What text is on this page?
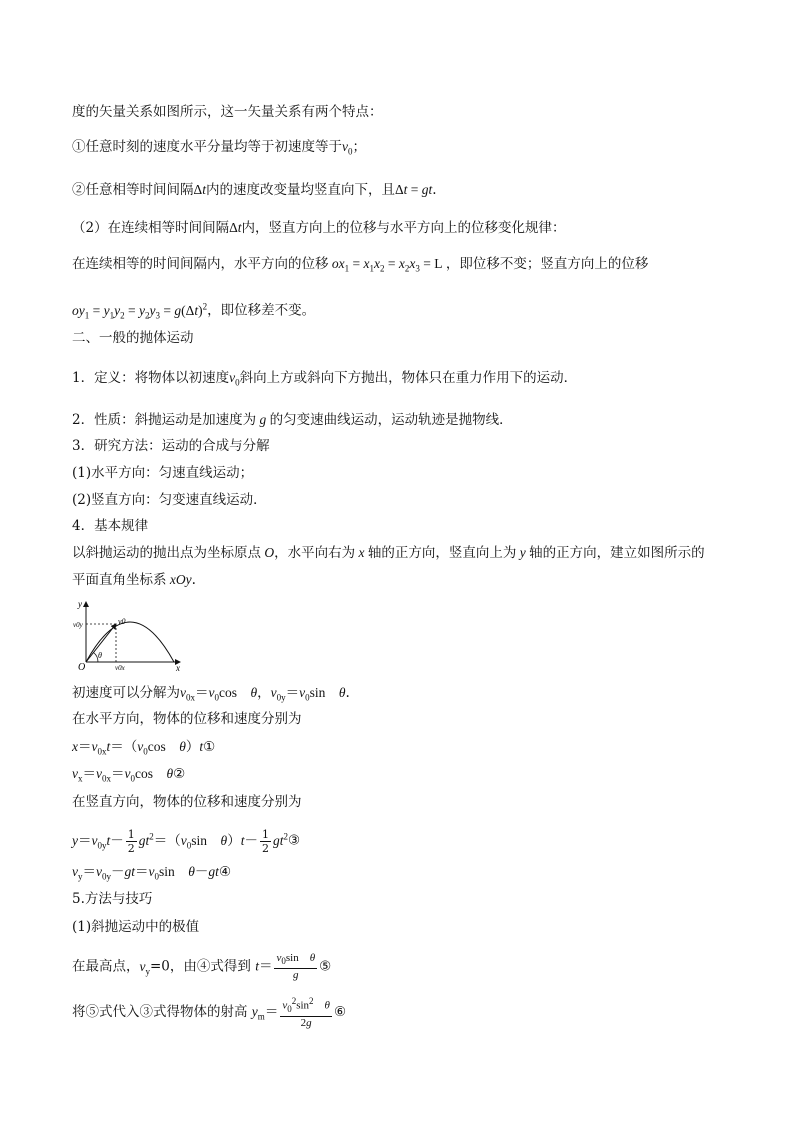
度的矢量关系如图所示，这一矢量关系有两个特点：
①任意时刻的速度水平分量均等于初速度等于$v_0$；
②任意相等时间间隔Δt内的速度改变量均竖直向下，且Δt = gt.
（2）在连续相等时间间隔Δt内，竖直方向上的位移与水平方向上的位移变化规律：
在连续相等的时间间隔内，水平方向的位移 $ox_1 = x_1x_2 = x_2x_3 = L$ ，即位移不变；竖直方向上的位移
$oy_1 = y_1y_2 = y_2y_3 = g(\Delta t)^2$，即位移差不变。
二、一般的抛体运动
1．定义：将物体以初速度$v_0$斜向上方或斜向下方抛出，物体只在重力作用下的运动．
2．性质：斜抛运动是加速度为 g 的匀变速曲线运动，运动轨迹是抛物线．
3．研究方法：运动的合成与分解
(1)水平方向：匀速直线运动；
(2)竖直方向：匀变速直线运动．
4．基本规律
以斜抛运动的抛出点为坐标原点 O，水平向右为 x 轴的正方向，竖直向上为 y 轴的正方向，建立如图所示的
平面直角坐标系 xOy.
y
x
O
v0y	v0
θ
v0x
初速度可以分解为$v_{0x}=v_0\cos$　θ，$v_{0y}=v_0\sin$　θ.
在水平方向，物体的位移和速度分别为
$x=v_{0x}t=(v_0\cos$　θ）t①
$v_x=v_{0x}=v_0\cos$　θ②
在竖直方向，物体的位移和速度分别为
$y=v_{0y}t- \frac{1}{2} gt^2=(v_0\sin$　$\theta)t- \frac{1}{2}$ $gt^2③$
$v_y=v_{0y}-gt=v_0\sin$　θ－gt④
5.方法与技巧
(1)斜抛运动中的极值
在最高点，$v_y=0$，由④式得到 $t= \frac{v_0\sin \theta}{g}$ ⑤
将⑤式代入③式得物体的射高 $y_m= \frac{v_0^2\sin^2 \theta}{2g}$ ⑥
